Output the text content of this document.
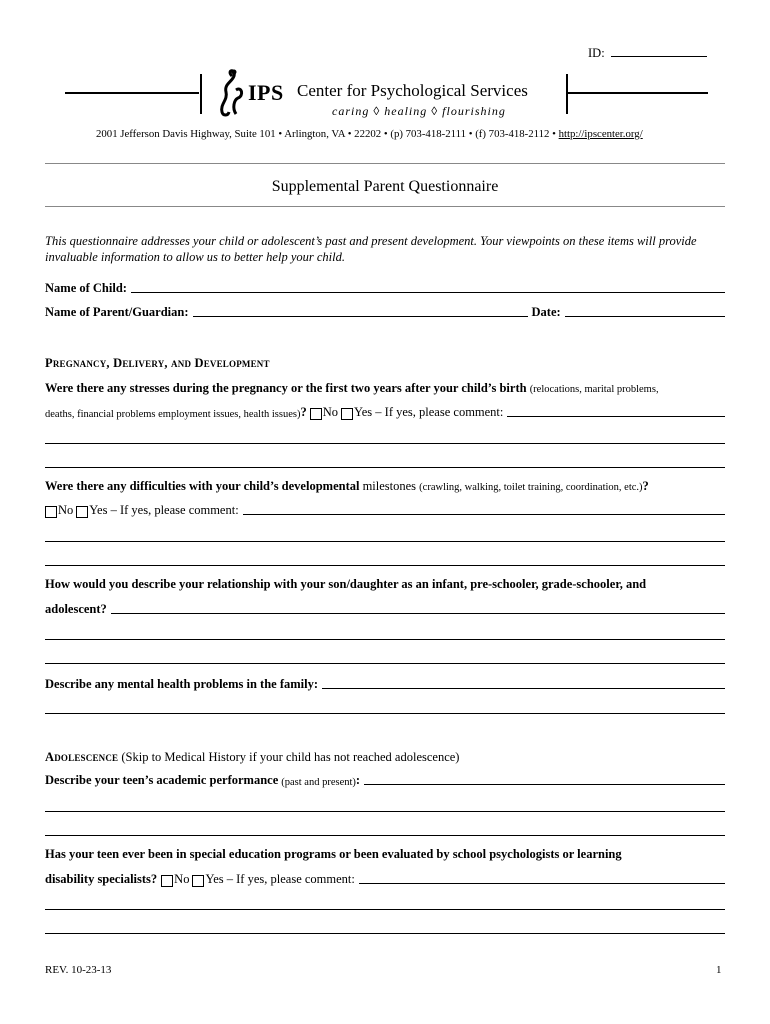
ID:
IPS Center for Psychological Services
caring ◊ healing ◊ flourishing
2001 Jefferson Davis Highway, Suite 101 • Arlington, VA • 22202 • (p) 703-418-2111 • (f) 703-418-2112 • http://ipscenter.org/
Supplemental Parent Questionnaire
This questionnaire addresses your child or adolescent’s past and present development. Your viewpoints on these items will provide invaluable information to allow us to better help your child.
Name of Child:
Name of Parent/Guardian:	Date:
Pregnancy, Delivery, and Development
Were there any stresses during the pregnancy or the first two years after your child’s birth (relocations, marital problems,
deaths, financial problems employment issues, health issues) ? No Yes – If yes, please comment:
Were there any difficulties with your child’s developmental milestones (crawling, walking, toilet training, coordination, etc.)?
No Yes – If yes, please comment:
How would you describe your relationship with your son/daughter as an infant, pre-schooler, grade-schooler, and
adolescent?
Describe any mental health problems in the family:
Adolescence (Skip to Medical History if your child has not reached adolescence)
Describe your teen’s academic performance (past and present) :
Has your teen ever been in special education programs or been evaluated by school psychologists or learning
disability specialists? No Yes – If yes, please comment:
REV. 10-23-13	1
